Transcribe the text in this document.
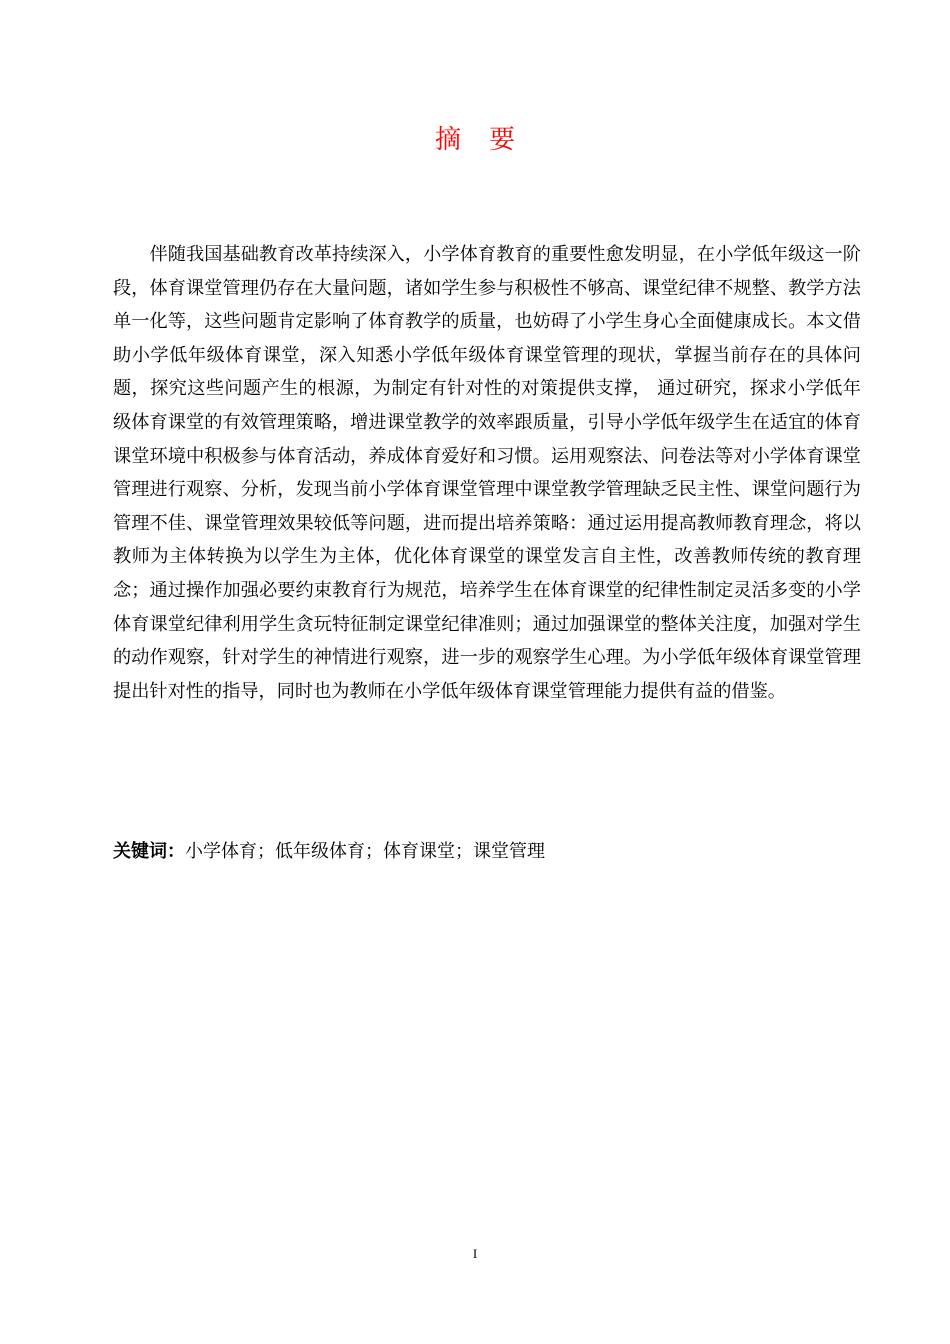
摘要

伴随我国基础教育改革持续深入，小学体育教育的重要性愈发明显，在小学低年级这一阶段，体育课堂管理仍存在大量问题，诸如学生参与积极性不够高、课堂纪律不规整、教学方法单一化等，这些问题肯定影响了体育教学的质量，也妨碍了小学生身心全面健康成长。本文借助小学低年级体育课堂，深入知悉小学低年级体育课堂管理的现状，掌握当前存在的具体问题，探究这些问题产生的根源，为制定有针对性的对策提供支撑， 通过研究，探求小学低年级体育课堂的有效管理策略，增进课堂教学的效率跟质量，引导小学低年级学生在适宜的体育课堂环境中积极参与体育活动，养成体育爱好和习惯。运用观察法、问卷法等对小学体育课堂管理进行观察、分析，发现当前小学体育课堂管理中课堂教学管理缺乏民主性、课堂问题行为管理不佳、课堂管理效果较低等问题，进而提出培养策略：通过运用提高教师教育理念，将以教师为主体转换为以学生为主体，优化体育课堂的课堂发言自主性，改善教师传统的教育理念；通过操作加强必要约束教育行为规范，培养学生在体育课堂的纪律性制定灵活多变的小学体育课堂纪律利用学生贪玩特征制定课堂纪律准则；通过加强课堂的整体关注度，加强对学生的动作观察，针对学生的神情进行观察，进一步的观察学生心理。为小学低年级体育课堂管理提出针对性的指导，同时也为教师在小学低年级体育课堂管理能力提供有益的借鉴。

关键词：小学体育；低年级体育；体育课堂；课堂管理
I
